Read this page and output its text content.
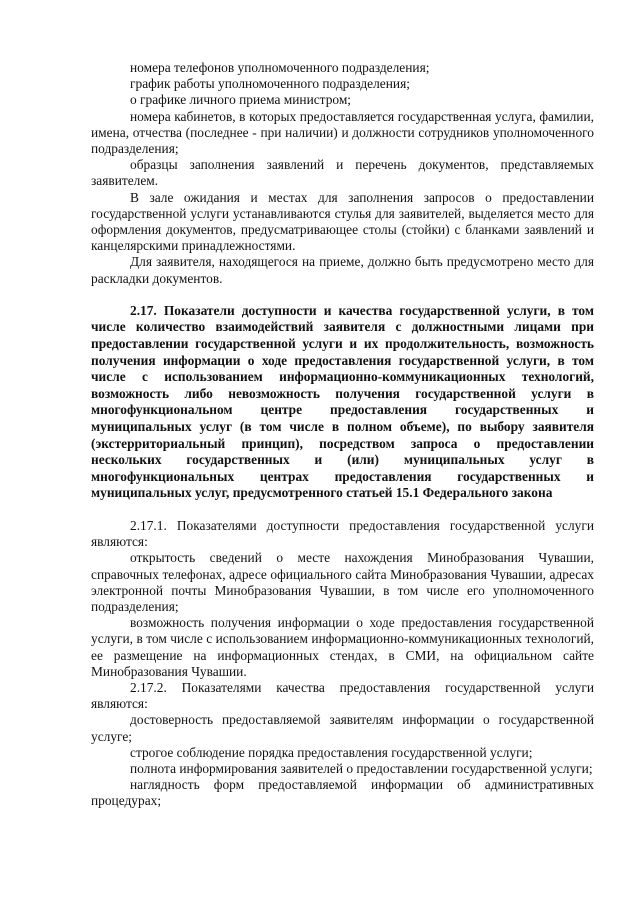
номера телефонов уполномоченного подразделения;

график работы уполномоченного подразделения;

о графике личного приема министром;

номера кабинетов, в которых предоставляется государственная услуга, фамилии, имена, отчества (последнее - при наличии) и должности сотрудников уполномоченного подразделения;

образцы заполнения заявлений и перечень документов, представляемых заявителем.

В зале ожидания и местах для заполнения запросов о предоставлении государственной услуги устанавливаются стулья для заявителей, выделяется место для оформления документов, предусматривающее столы (стойки) с бланками заявлений и канцелярскими принадлежностями.

Для заявителя, находящегося на приеме, должно быть предусмотрено место для раскладки документов.

2.17. Показатели доступности и качества государственной услуги, в том числе количество взаимодействий заявителя с должностными лицами при предоставлении государственной услуги и их продолжительность, возможность получения информации о ходе предоставления государственной услуги, в том числе с использованием информационно-коммуникационных технологий, возможность либо невозможность получения государственной услуги в многофункциональном центре предоставления государственных и муниципальных услуг (в том числе в полном объеме), по выбору заявителя (экстерриториальный принцип), посредством запроса о предоставлении нескольких государственных и (или) муниципальных услуг в многофункциональных центрах предоставления государственных и муниципальных услуг, предусмотренного статьей 15.1 Федерального закона

2.17.1. Показателями доступности предоставления государственной услуги являются:

открытость сведений о месте нахождения Минобразования Чувашии, справочных телефонах, адресе официального сайта Минобразования Чувашии, адресах электронной почты Минобразования Чувашии, в том числе его уполномоченного подразделения;

возможность получения информации о ходе предоставления государственной услуги, в том числе с использованием информационно-коммуникационных технологий, ее размещение на информационных стендах, в СМИ, на официальном сайте Минобразования Чувашии.

2.17.2. Показателями качества предоставления государственной услуги являются:

достоверность предоставляемой заявителям информации о государственной услуге;

строгое соблюдение порядка предоставления государственной услуги;

полнота информирования заявителей о предоставлении государственной услуги;

наглядность форм предоставляемой информации об административных процедурах;
